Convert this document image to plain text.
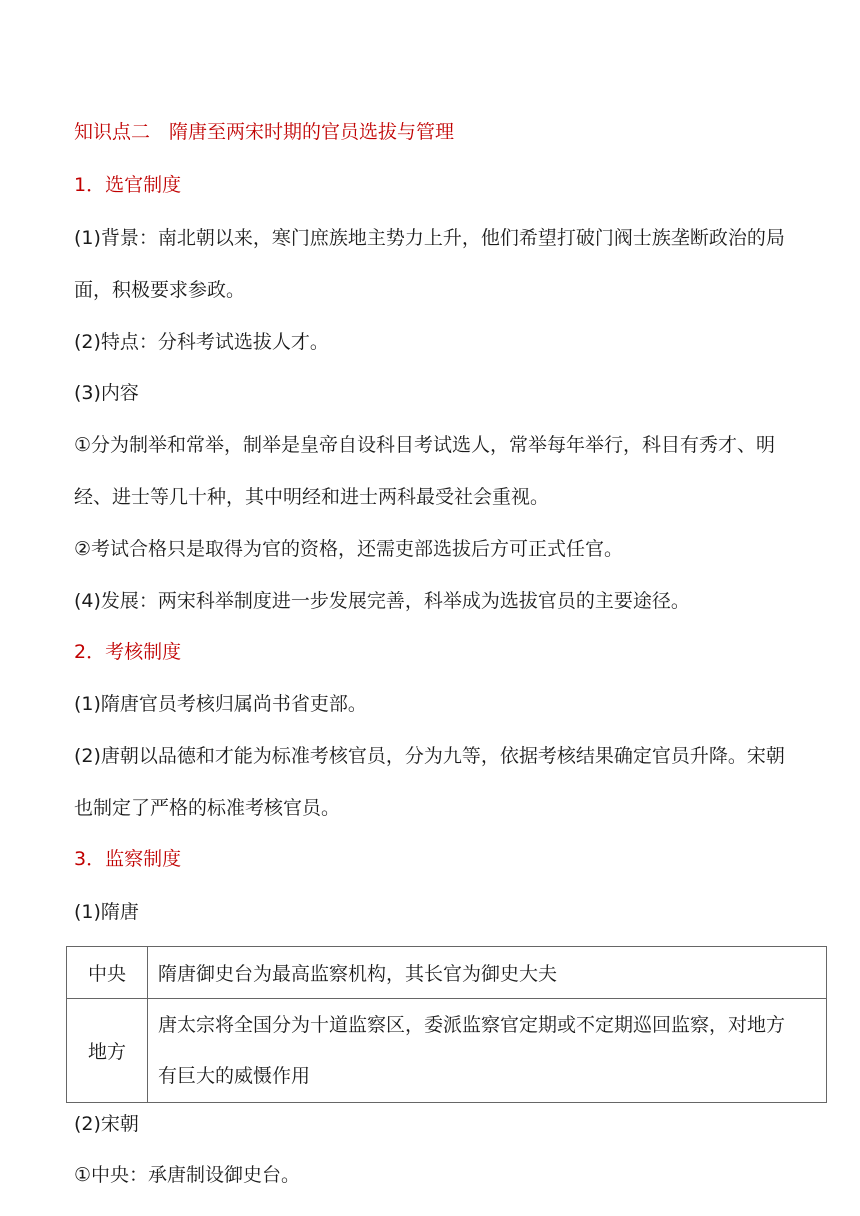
知识点二　隋唐至两宋时期的官员选拔与管理
1．选官制度
(1)背景：南北朝以来，寒门庶族地主势力上升，他们希望打破门阀士族垄断政治的局
面，积极要求参政。
(2)特点：分科考试选拔人才。
(3)内容
①分为制举和常举，制举是皇帝自设科目考试选人，常举每年举行，科目有秀才、明
经、进士等几十种，其中明经和进士两科最受社会重视。
②考试合格只是取得为官的资格，还需吏部选拔后方可正式任官。
(4)发展：两宋科举制度进一步发展完善，科举成为选拔官员的主要途径。
2．考核制度
(1)隋唐官员考核归属尚书省吏部。
(2)唐朝以品德和才能为标准考核官员，分为九等，依据考核结果确定官员升降。宋朝
也制定了严格的标准考核官员。
3．监察制度
(1)隋唐
中央	隋唐御史台为最高监察机构，其长官为御史大夫
地方	唐太宗将全国分为十道监察区，委派监察官定期或不定期巡回监察，对地方
有巨大的威慑作用
(2)宋朝
①中央：承唐制设御史台。
